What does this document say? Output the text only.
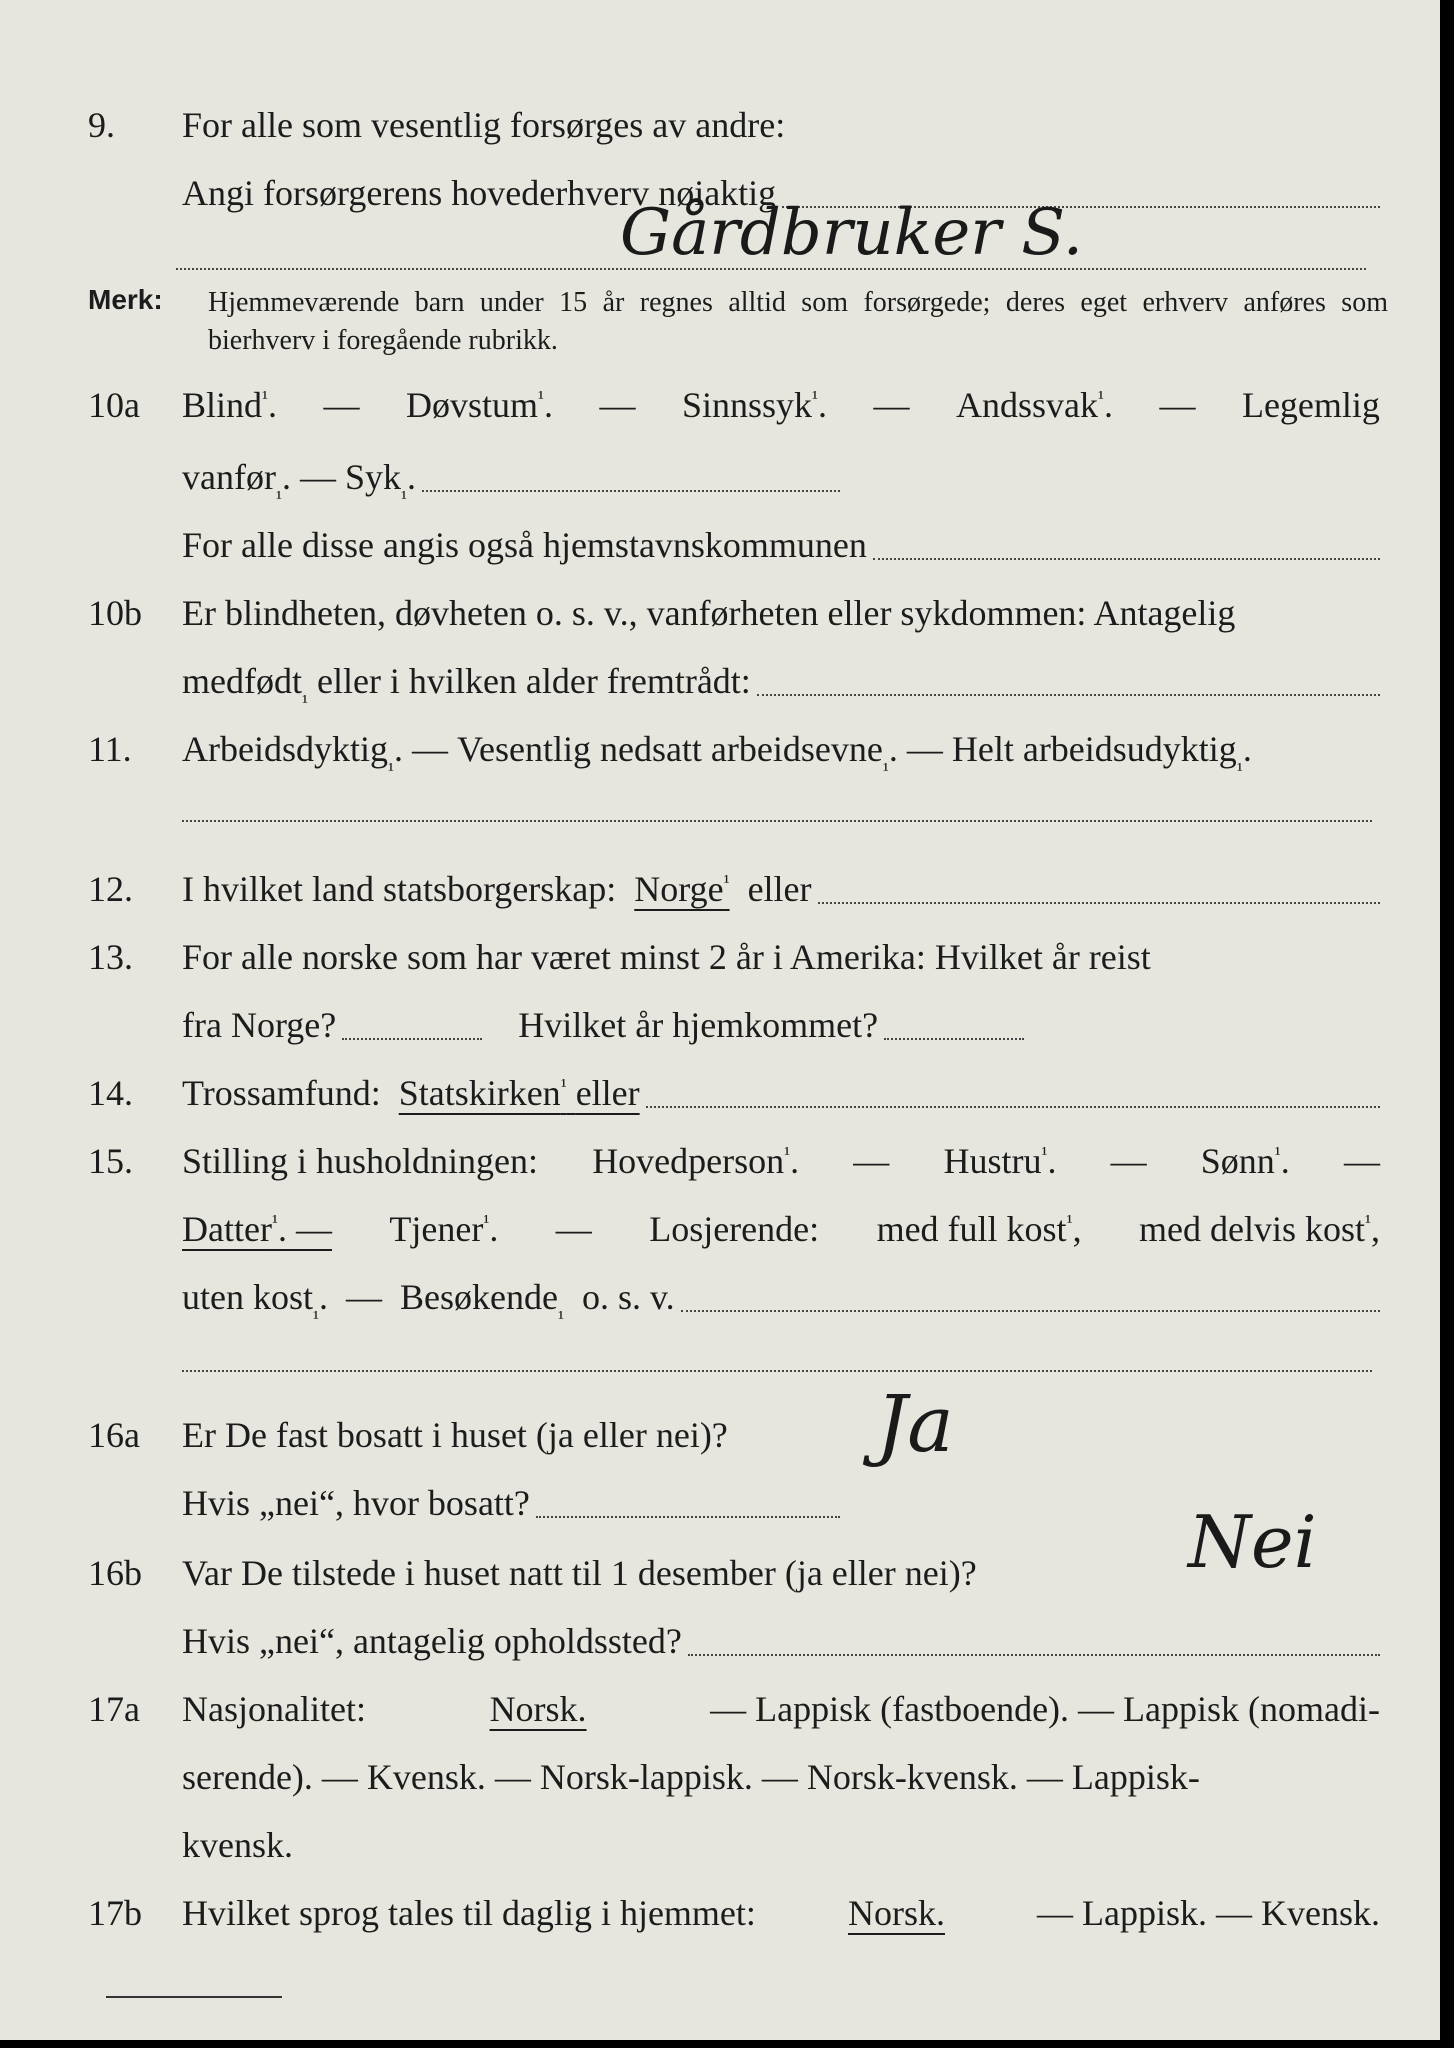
9. For alle som vesentlig forsørges av andre:
Angi forsørgerens hovederhverv nøiaktig
Gårdbruker S.
Merk: Hjemmeværende barn under 15 år regnes alltid som forsørgede; deres eget erhverv anføres som bierhverv i foregående rubrikk.
10a Blind$^{^1}$. — Døvstum$^{^1}$. — Sinnssyk$^{^1}$. — Andssvak$^{^1}$. — Legemlig
vanfør
¹
. — Syk
¹
.
For alle disse angis også hjemstavnskommunen
10b Er blindheten, døvheten o. s. v., vanførheten eller sykdommen: Antagelig
medfødt
¹

eller i hvilken alder fremtrådt:
11. Arbeidsdyktig
¹
. — Vesentlig nedsatt arbeidsevne
¹
. — Helt arbeidsudyktig
¹
.
12. I hvilket land statsborgerskap:
Norge$^{^1}$
eller
13. For alle norske som har været minst 2 år i Amerika: Hvilket år reist
fra Norge?
	Hvilket år hjemkommet?
14. Trossamfund:
Statskirken$^{^1}$ eller
15. Stilling i husholdningen: Hovedperson$^{^1}$. — Hustru$^{^1}$. — Sønn$^{^1}$. —
Datter$^{^1}$. — Tjener$^{^1}$. — Losjerende: med full kost$^{^1}$, med delvis kost$^{^1}$,
uten kost
¹
.  — Besøkende
¹

o. s. v.
16a Er De fast bosatt i huset (ja eller nei)? Ja
Hvis „nei“, hvor bosatt?
16b Var De tilstede i huset natt til 1 desember (ja eller nei)?	Nei
Hvis „nei“, antagelig opholdssted?
17a Nasjonalitet:	Norsk.	— Lappisk (fastboende). — Lappisk (nomadi-
serende). — Kvensk. — Norsk-lappisk. — Norsk-kvensk. — Lappisk-
kvensk.
17b Hvilket sprog tales til daglig i hjemmet:	Norsk.	— Lappisk. — Kvensk.
